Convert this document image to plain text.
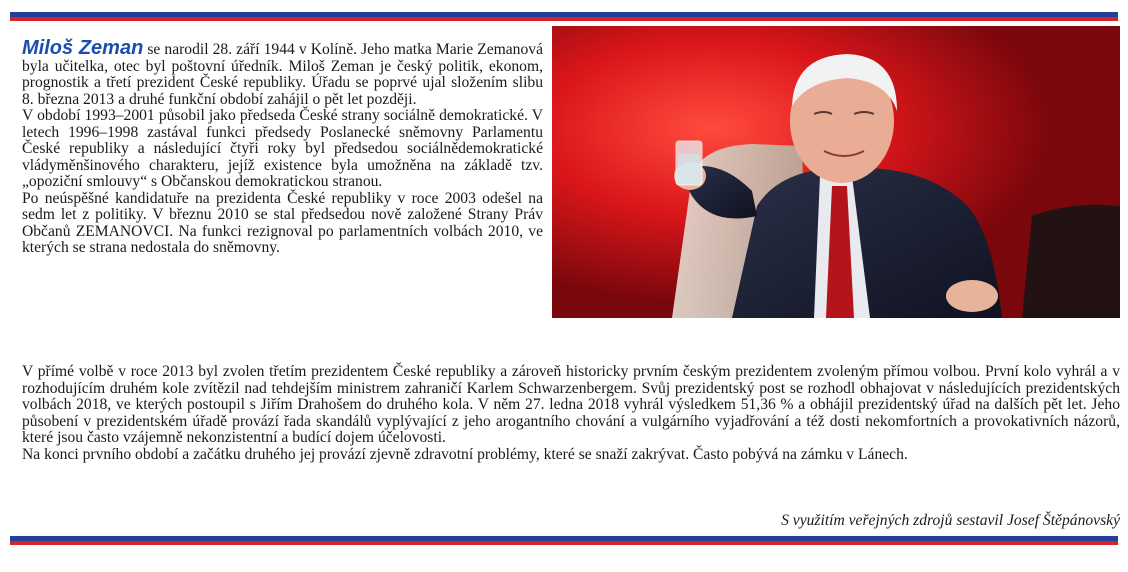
Miloš Zeman se narodil 28. září 1944 v Kolíně. Jeho matka Marie Zemanová byla učitelka, otec byl poštovní úředník. Miloš Zeman je český politik, ekonom, prognostik a třetí prezident České republiky. Úřadu se poprvé ujal složením slibu 8. března 2013 a druhé funkční období zahájil o pět let později.

V období 1993–2001 působil jako předseda České strany sociálně demokratické. V letech 1996–1998 zastával funkci předsedy Poslanecké sněmovny Parlamentu České republiky a následující čtyři roky byl předsedou sociálnědemokratické vládyměnšinového charakteru, jejíž existence byla umožněna na základě tzv. „opoziční smlouvy“ s Občanskou demokratickou stranou.

Po neúspěšné kandidatuře na prezidenta České republiky v roce 2003 odešel na sedm let z politiky. V březnu 2010 se stal předsedou nově založené Strany Práv Občanů ZEMANOVCI. Na funkci rezignoval po parlamentních volbách 2010, ve kterých se strana nedostala do sněmovny.

V přímé volbě v roce 2013 byl zvolen třetím prezidentem České republiky a zároveň historicky prvním českým prezidentem zvoleným přímou volbou. První kolo vyhrál a v rozhodujícím druhém kole zvítězil nad tehdejším ministrem zahraničí Karlem Schwarzenbergem. Svůj prezidentský post se rozhodl obhajovat v následujících prezidentských volbách 2018, ve kterých postoupil s Jiřím Drahošem do druhého kola. V něm 27. ledna 2018 vyhrál výsledkem 51,36 % a obhájil prezidentský úřad na dalších pět let. Jeho působení v prezidentském úřadě provází řada skandálů vyplývající z jeho arogantního chování a vulgárního vyjadřování a též dosti nekomfortních a provokativních názorů, které jsou často vzájemně nekonzistentní a budící dojem účelovosti.

Na konci prvního období a začátku druhého jej provází zjevně zdravotní problémy, které se snaží zakrývat. Často pobývá na zámku v Lánech.

S využitím veřejných zdrojů sestavil Josef Štěpánovský
